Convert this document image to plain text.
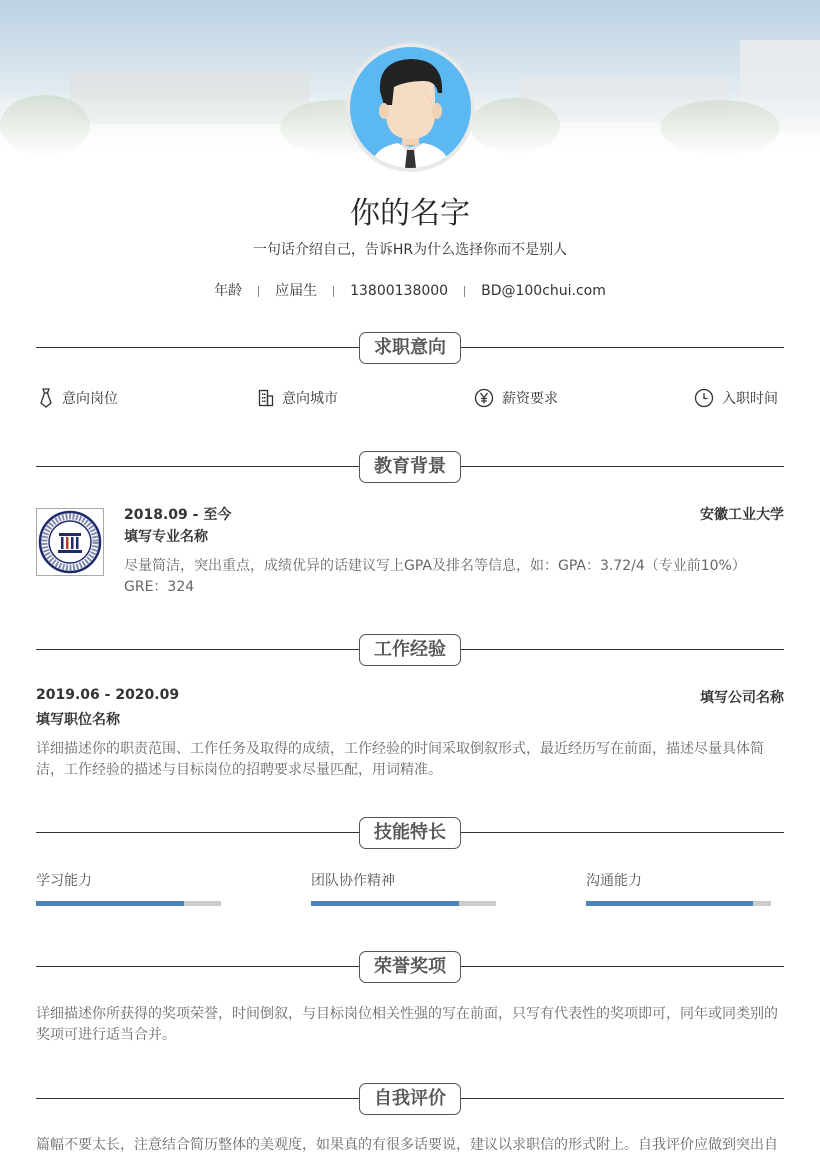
你的名字
一句话介绍自己，告诉HR为什么选择你而不是别人
年龄 应届生 13800138000 BD@100chui.com
求职意向
意向岗位	意向城市	薪资要求	入职时间
教育背景
2018.09 - 至今	安徽工业大学
填写专业名称
尽量简洁，突出重点，成绩优异的话建议写上GPA及排名等信息，如：GPA：3.72/4（专业前10%） GRE：324
工作经验
2019.06 - 2020.09	填写公司名称
填写职位名称
详细描述你的职责范围、工作任务及取得的成绩，工作经验的时间采取倒叙形式，最近经历写在前面，描述尽量具体简洁，工作经验的描述与目标岗位的招聘要求尽量匹配，用词精准。
技能特长
学习能力	团队协作精神	沟通能力
荣誉奖项
详细描述你所获得的奖项荣誉，时间倒叙，与目标岗位相关性强的写在前面，只写有代表性的奖项即可，同年或同类别的奖项可进行适当合并。
自我评价
篇幅不要太长，注意结合简历整体的美观度，如果真的有很多话要说，建议以求职信的形式附上。自我评价应做到突出自
